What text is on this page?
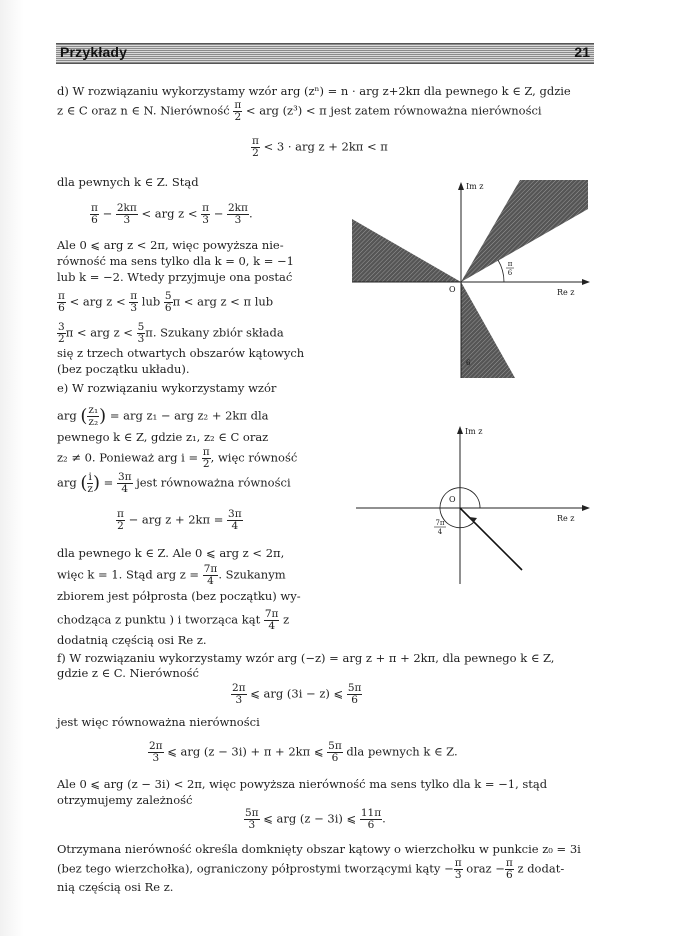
Przykłady	21
d) W rozwiązaniu wykorzystamy wzór arg (zⁿ) = n · arg z+2kπ dla pewnego k ∈ Z, gdzie
z ∈ C oraz n ∈ N. Nierówność $\frac{\pi}{2}$ < arg (z³) < π jest zatem równoważna nierówności
$\frac{\pi}{2} < 3$ · arg z + 2kπ < π
dla pewnych k ∈ Z. Stąd
$\frac{\pi}{6} - \frac{2k\pi}{3}$ < arg $z < \frac{\pi}{3} - \frac{2k\pi}{3}$ .
Ale 0 ⩽ arg z < 2π, więc powyższa nie-
równość ma sens tylko dla k = 0, k = −1
lub k = −2. Wtedy przyjmuje ona postać
$\frac{\pi}{6}$ < arg $z < \frac{\pi}{3}$ lub $\frac{5}{6}$ π < arg z < π lub
$\frac{3}{2}$ π < arg $z < \frac{5}{3} \pi$. Szukany zbiór składa
się z trzech otwartych obszarów kątowych
(bez początku układu).
Im z
Re z
O
π
6
6
e) W rozwiązaniu wykorzystamy wzór
arg ( $\frac{\text{z₁}}{\text{z₂}}$ ) = arg z₁ − arg z₂ + 2kπ dla
pewnego k ∈ Z, gdzie z₁, z₂ ∈ C oraz
z₂ ≠ 0. Ponieważ arg $i = \frac{\pi}{2}$ , więc równość
arg ( $\frac{i}{z}$ ) = $\frac{3\pi}{4}$ jest równoważna równości
$\frac{\pi}{2}$ − arg $z + 2k\pi = \frac{3\pi}{4}$
dla pewnego k ∈ Z. Ale 0 ⩽ arg z < 2π,
więc k = 1. Stąd arg $z = \frac{7\pi}{4}$ . Szukanym
zbiorem jest półprosta (bez początku) wy-
chodząca z punktu ) i tworząca kąt $\frac{7\pi}{4}$ z
dodatnią częścią osi Re z.
Im z
Re z
O
7π
4
f) W rozwiązaniu wykorzystamy wzór arg (−z) = arg z + π + 2kπ, dla pewnego k ∈ Z,
gdzie z ∈ C. Nierówność
$\frac{2\pi}{3}$ ⩽ arg (3i − z) ⩽ $\frac{5\pi}{6}$
jest więc równoważna nierówności
$\frac{2\pi}{3}$ ⩽ arg (z − 3i) + π + 2kπ ⩽ $\frac{5\pi}{6}$ dla pewnych k ∈ Z.
Ale 0 ⩽ arg (z − 3i) < 2π, więc powyższa nierówność ma sens tylko dla k = −1, stąd
otrzymujemy zależność
$\frac{5\pi}{3}$ ⩽ arg (z − 3i) ⩽ $\frac{11\pi}{6}$ .
Otrzymana nierówność określa domknięty obszar kątowy o wierzchołku w punkcie z₀ = 3i
(bez tego wierzchołka), ograniczony półprostymi tworzącymi kąty − $\frac{\pi}{3}$ oraz − $\frac{\pi}{6}$ z dodat-
nią częścią osi Re z.
